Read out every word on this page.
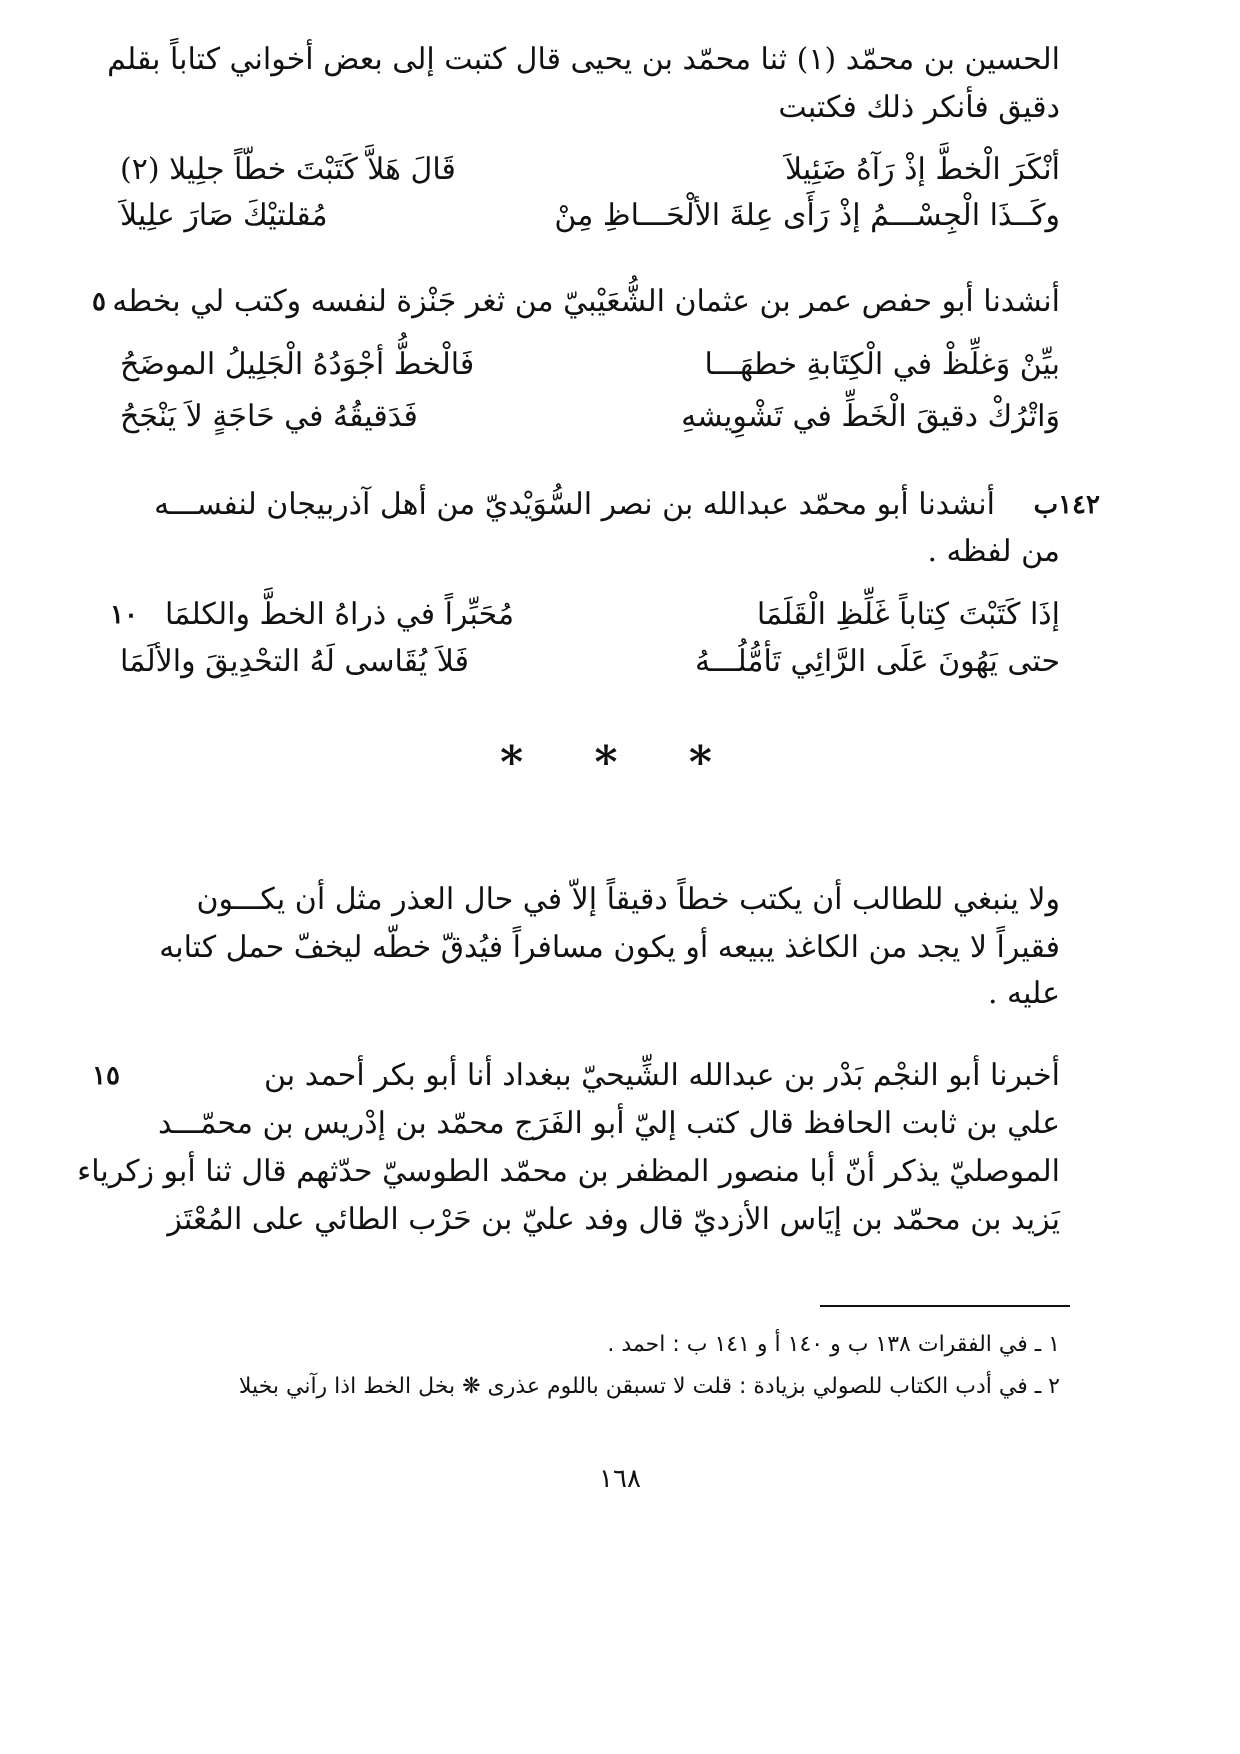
الحسين بن محمّد (١) ثنا محمّد بن يحيى قال كتبت إلى بعض أخواني كتاباً بقلم
دقيق فأنكر ذلك فكتبت
أنْكَرَ الْخطَّ إذْ رَآهُ ضَئِيلاَ
قَالَ هَلاَّ كَتَبْتَ خطّاً جلِيلا (٢)
وكَــذَا الْجِسْـــمُ إذْ رَأَى عِلةَ الألْحَـــاظِ مِنْ
مُقلتيْكَ صَارَ علِيلاَ
أنشدنا أبو حفص عمر بن عثمان الشُّعَيْبيّ من ثغر جَنْزة لنفسه وكتب لي بخطه
٥
بيِّنْ وَغلِّظْ في الْكِتَابةِ خطهَـــا
فَالْخطُّ أجْوَدُهُ الْجَلِيلُ الموضَحُ
وَاتْرُكْ دقيقَ الْخَطِّ في تَشْوِيشهِ
فَدَقيقُهُ في حَاجَةٍ لاَ يَنْجَحُ
١٤٢ب
أنشدنا أبو محمّد عبدالله بن نصر السُّوَيْديّ من أهل آذربيجان لنفســـه
من لفظه .
إذَا كَتَبْتَ كِتاباً غَلِّظِ الْقَلَمَا
مُحَبِّراً في ذراهُ الخطَّ والكلمَا
١٠
حتى يَهُونَ عَلَى الرَّائِي تَأمُّلُـــهُ
فَلاَ يُقَاسى لَهُ التحْدِيقَ والألَمَا
* * *
ولا ينبغي للطالب أن يكتب خطاً دقيقاً إلاّ في حال العذر مثل أن يكـــون
فقيراً لا يجد من الكاغذ يبيعه أو يكون مسافراً فيُدقّ خطّه ليخفّ حمل كتابه
عليه .
أخبرنا أبو النجْم بَدْر بن عبدالله الشِّيحيّ ببغداد أنا أبو بكر أحمد بن
١٥
علي بن ثابت الحافظ قال كتب إليّ أبو الفَرَج محمّد بن إدْريس بن محمّـــد
الموصليّ يذكر أنّ أبا منصور المظفر بن محمّد الطوسيّ حدّثهم قال ثنا أبو زكرياء
يَزيد بن محمّد بن إيَاس الأزديّ قال وفد عليّ بن حَرْب الطائي على المُعْتَز
١ ـ في الفقرات ١٣٨ ب و ١٤٠ أ و ١٤١ ب : احمد .
٢ ـ في أدب الكتاب للصولي بزيادة : قلت لا تسبقن باللوم عذرى ❋ بخل الخط اذا رآني بخيلا
١٦٨
